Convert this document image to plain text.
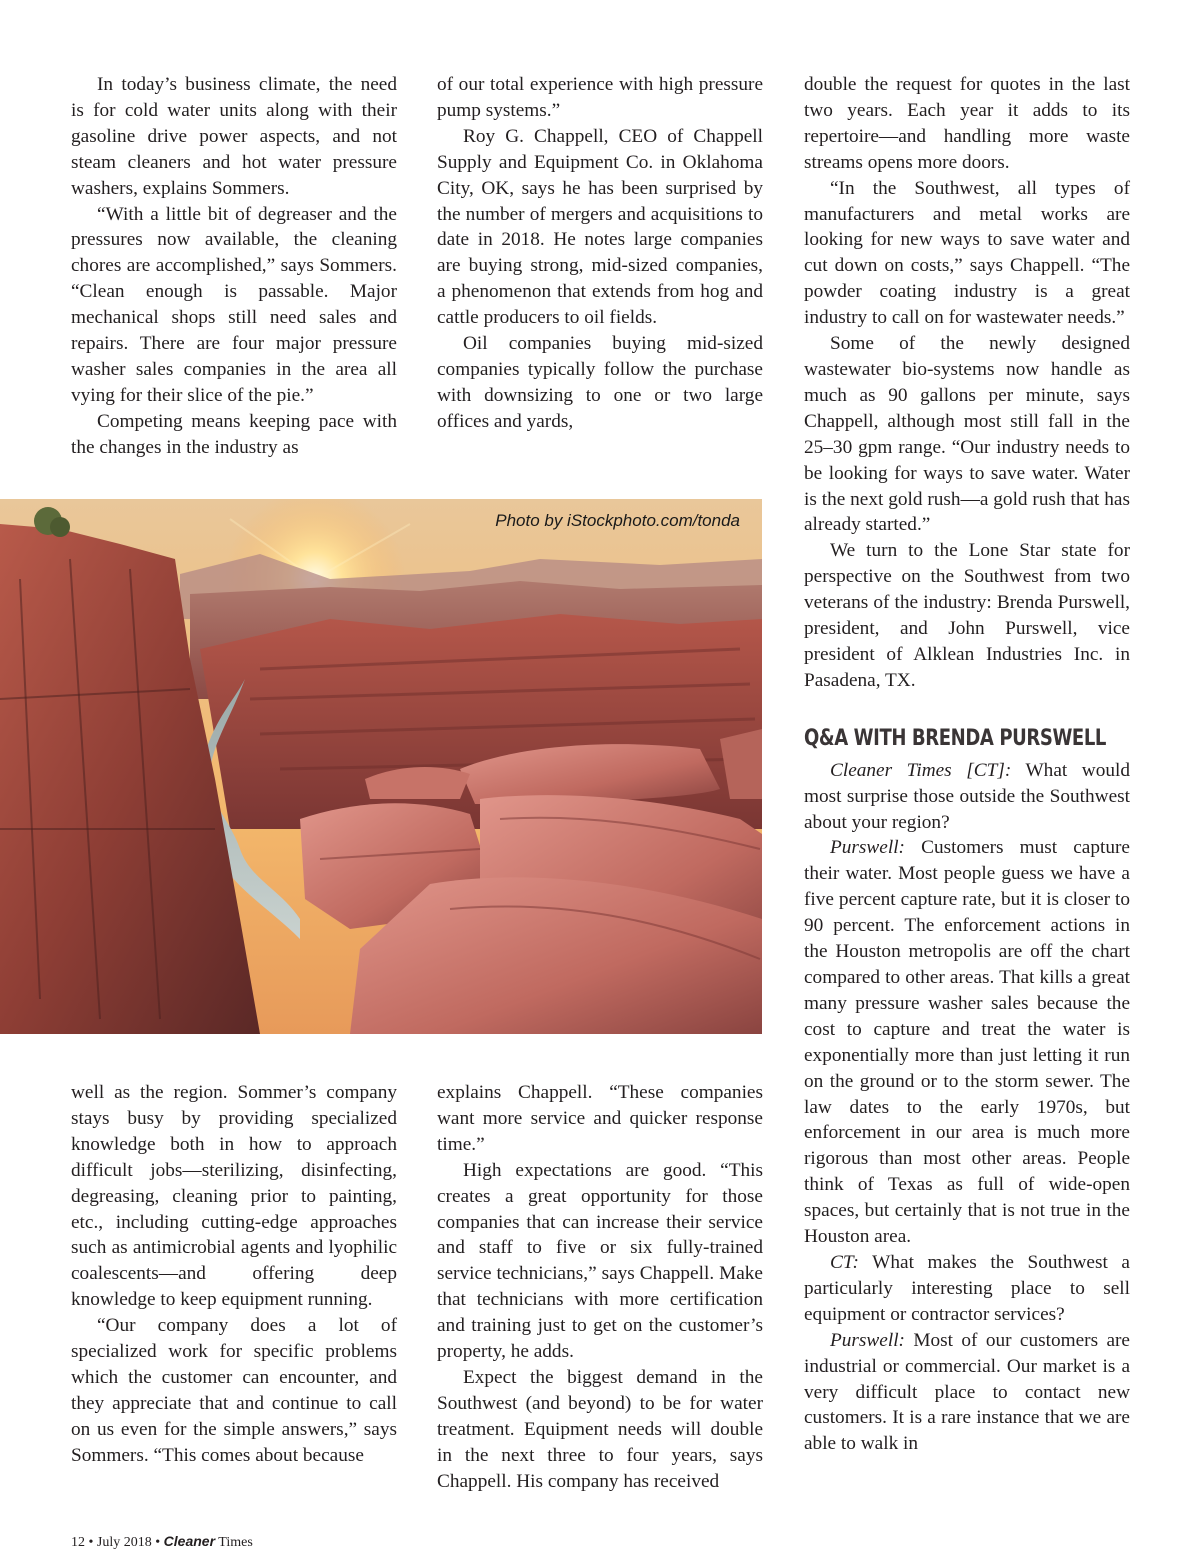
In today’s business climate, the need is for cold water units along with their gasoline drive power aspects, and not steam cleaners and hot water pressure washers, explains Sommers.

“With a little bit of degreaser and the pressures now available, the cleaning chores are accomplished,” says Sommers. “Clean enough is passable. Major mechanical shops still need sales and repairs. There are four major pressure washer sales companies in the area all vying for their slice of the pie.”

Competing means keeping pace with the changes in the industry as

of our total experience with high pressure pump systems.”

Roy G. Chappell, CEO of Chappell Supply and Equipment Co. in Oklahoma City, OK, says he has been surprised by the number of mergers and acquisitions to date in 2018. He notes large companies are buying strong, mid-sized companies, a phenomenon that extends from hog and cattle producers to oil fields.

Oil companies buying mid-sized companies typically follow the purchase with downsizing to one or two large offices and yards,

Photo by iStockphoto.com/tonda

well as the region. Sommer’s company stays busy by providing specialized knowledge both in how to approach difficult jobs—sterilizing, disinfecting, degreasing, cleaning prior to painting, etc., including cutting-edge approaches such as antimicrobial agents and lyophilic coalescents—and offering deep knowledge to keep equipment running.

“Our company does a lot of specialized work for specific problems which the customer can encounter, and they appreciate that and continue to call on us even for the simple answers,” says Sommers. “This comes about because

explains Chappell. “These companies want more service and quicker response time.”

High expectations are good. “This creates a great opportunity for those companies that can increase their service and staff to five or six fully-trained service technicians,” says Chappell. Make that technicians with more certification and training just to get on the customer’s property, he adds.

Expect the biggest demand in the Southwest (and beyond) to be for water treatment. Equipment needs will double in the next three to four years, says Chappell. His company has received

double the request for quotes in the last two years. Each year it adds to its repertoire—and handling more waste streams opens more doors.

“In the Southwest, all types of manufacturers and metal works are looking for new ways to save water and cut down on costs,” says Chappell. “The powder coating industry is a great industry to call on for wastewater needs.”

Some of the newly designed wastewater bio-systems now handle as much as 90 gallons per minute, says Chappell, although most still fall in the 25–30 gpm range. “Our industry needs to be looking for ways to save water. Water is the next gold rush—a gold rush that has already started.”

We turn to the Lone Star state for perspective on the Southwest from two veterans of the industry: Brenda Purswell, president, and John Purswell, vice president of Alklean Industries Inc. in Pasadena, TX.

Q&A WITH BRENDA PURSWELL

Cleaner Times [CT]: What would most surprise those outside the Southwest about your region?

Purswell: Customers must capture their water. Most people guess we have a five percent capture rate, but it is closer to 90 percent. The enforcement actions in the Houston metropolis are off the chart compared to other areas. That kills a great many pressure washer sales because the cost to capture and treat the water is exponentially more than just letting it run on the ground or to the storm sewer. The law dates to the early 1970s, but enforcement in our area is much more rigorous than most other areas. People think of Texas as full of wide-open spaces, but certainly that is not true in the Houston area.

CT: What makes the Southwest a particularly interesting place to sell equipment or contractor services?

Purswell: Most of our customers are industrial or commercial. Our market is a very difficult place to contact new customers. It is a rare instance that we are able to walk in

12 • July 2018 • Cleaner Times
